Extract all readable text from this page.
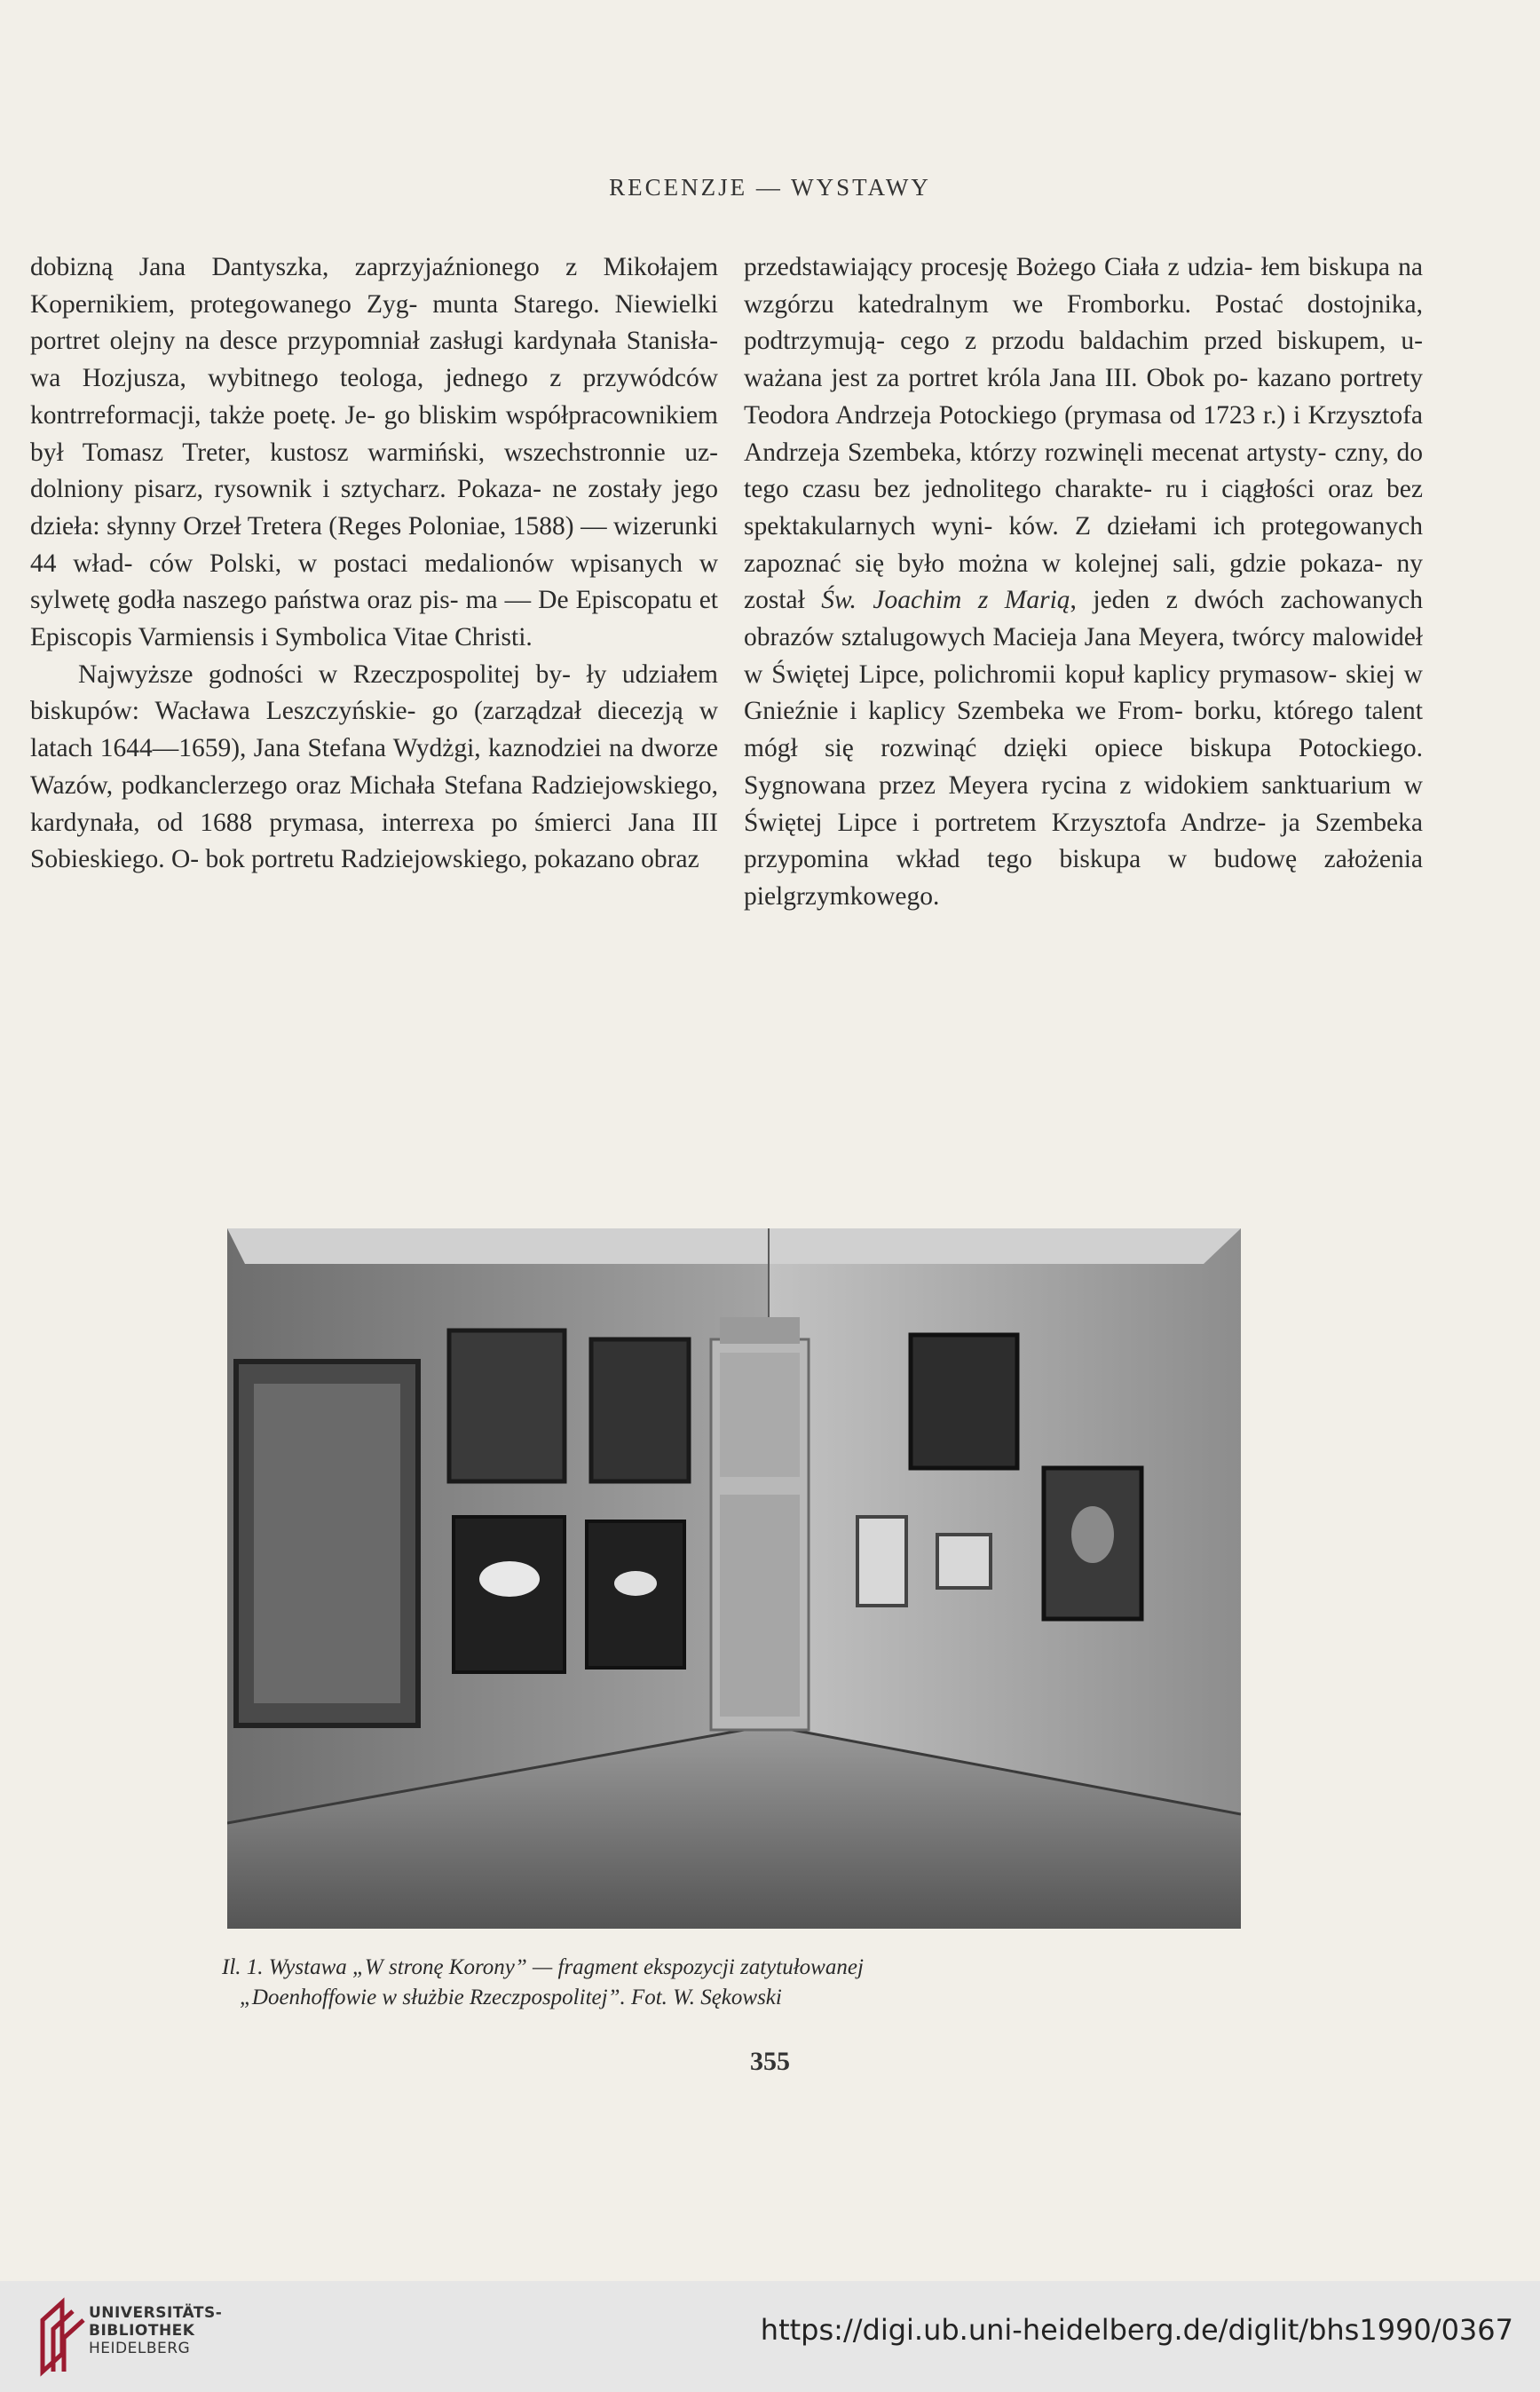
RECENZJE — WYSTAWY

dobizną Jana Dantyszka, zaprzyjaźnionego z Mikołajem Kopernikiem, protegowanego Zyg- munta Starego. Niewielki portret olejny na desce przypomniał zasługi kardynała Stanisła- wa Hozjusza, wybitnego teologa, jednego z przywódców kontrreformacji, także poetę. Je- go bliskim współpracownikiem był Tomasz Treter, kustosz warmiński, wszechstronnie uz- dolniony pisarz, rysownik i sztycharz. Pokaza- ne zostały jego dzieła: słynny Orzeł Tretera (Reges Poloniae, 1588) — wizerunki 44 wład- ców Polski, w postaci medalionów wpisanych w sylwetę godła naszego państwa oraz pis- ma — De Episcopatu et Episcopis Varmiensis i Symbolica Vitae Christi.

Najwyższe godności w Rzeczpospolitej by- ły udziałem biskupów: Wacława Leszczyńskie- go (zarządzał diecezją w latach 1644—1659), Jana Stefana Wydżgi, kaznodziei na dworze Wazów, podkanclerzego oraz Michała Stefana Radziejowskiego, kardynała, od 1688 prymasa, interrexa po śmierci Jana III Sobieskiego. O- bok portretu Radziejowskiego, pokazano obraz

przedstawiający procesję Bożego Ciała z udzia- łem biskupa na wzgórzu katedralnym we Fromborku. Postać dostojnika, podtrzymują- cego z przodu baldachim przed biskupem, u- ważana jest za portret króla Jana III. Obok po- kazano portrety Teodora Andrzeja Potockiego (prymasa od 1723 r.) i Krzysztofa Andrzeja Szembeka, którzy rozwinęli mecenat artysty- czny, do tego czasu bez jednolitego charakte- ru i ciągłości oraz bez spektakularnych wyni- ków. Z dziełami ich protegowanych zapoznać się było można w kolejnej sali, gdzie pokaza- ny został Św. Joachim z Marią, jeden z dwóch zachowanych obrazów sztalugowych Macieja Jana Meyera, twórcy malowideł w Świętej Lipce, polichromii kopuł kaplicy prymasow- skiej w Gnieźnie i kaplicy Szembeka we From- borku, którego talent mógł się rozwinąć dzięki opiece biskupa Potockiego. Sygnowana przez Meyera rycina z widokiem sanktuarium w Świętej Lipce i portretem Krzysztofa Andrze- ja Szembeka przypomina wkład tego biskupa w budowę założenia pielgrzymkowego.

Il. 1. Wystawa „W stronę Korony” — fragment ekspozycji zatytułowanej
„Doenhoffowie w służbie Rzeczpospolitej”. Fot. W. Sękowski
355
UNIVERSITÄTS-
BIBLIOTHEK
HEIDELBERG
https://digi.ub.uni-heidelberg.de/diglit/bhs1990/0367
